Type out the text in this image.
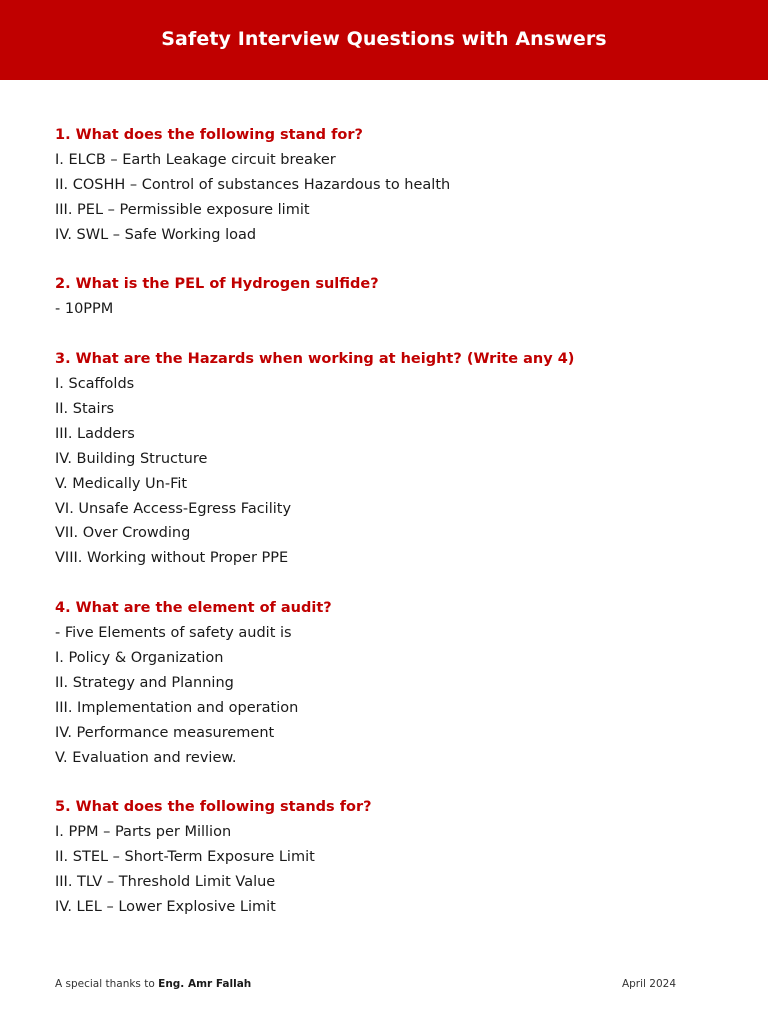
Safety Interview Questions with Answers
1. What does the following stand for?
I. ELCB – Earth Leakage circuit breaker
II. COSHH – Control of substances Hazardous to health
III. PEL – Permissible exposure limit
IV. SWL – Safe Working load
2. What is the PEL of Hydrogen sulfide?
- 10PPM
3. What are the Hazards when working at height? (Write any 4)
I. Scaffolds
II. Stairs
III. Ladders
IV. Building Structure
V. Medically Un-Fit
VI. Unsafe Access-Egress Facility
VII. Over Crowding
VIII. Working without Proper PPE
4. What are the element of audit?
- Five Elements of safety audit is
I. Policy & Organization
II. Strategy and Planning
III. Implementation and operation
IV. Performance measurement
V. Evaluation and review.
5. What does the following stands for?
I. PPM – Parts per Million
II. STEL – Short-Term Exposure Limit
III. TLV – Threshold Limit Value
IV. LEL – Lower Explosive Limit
A special thanks to Eng. Amr Fallah	April 2024
